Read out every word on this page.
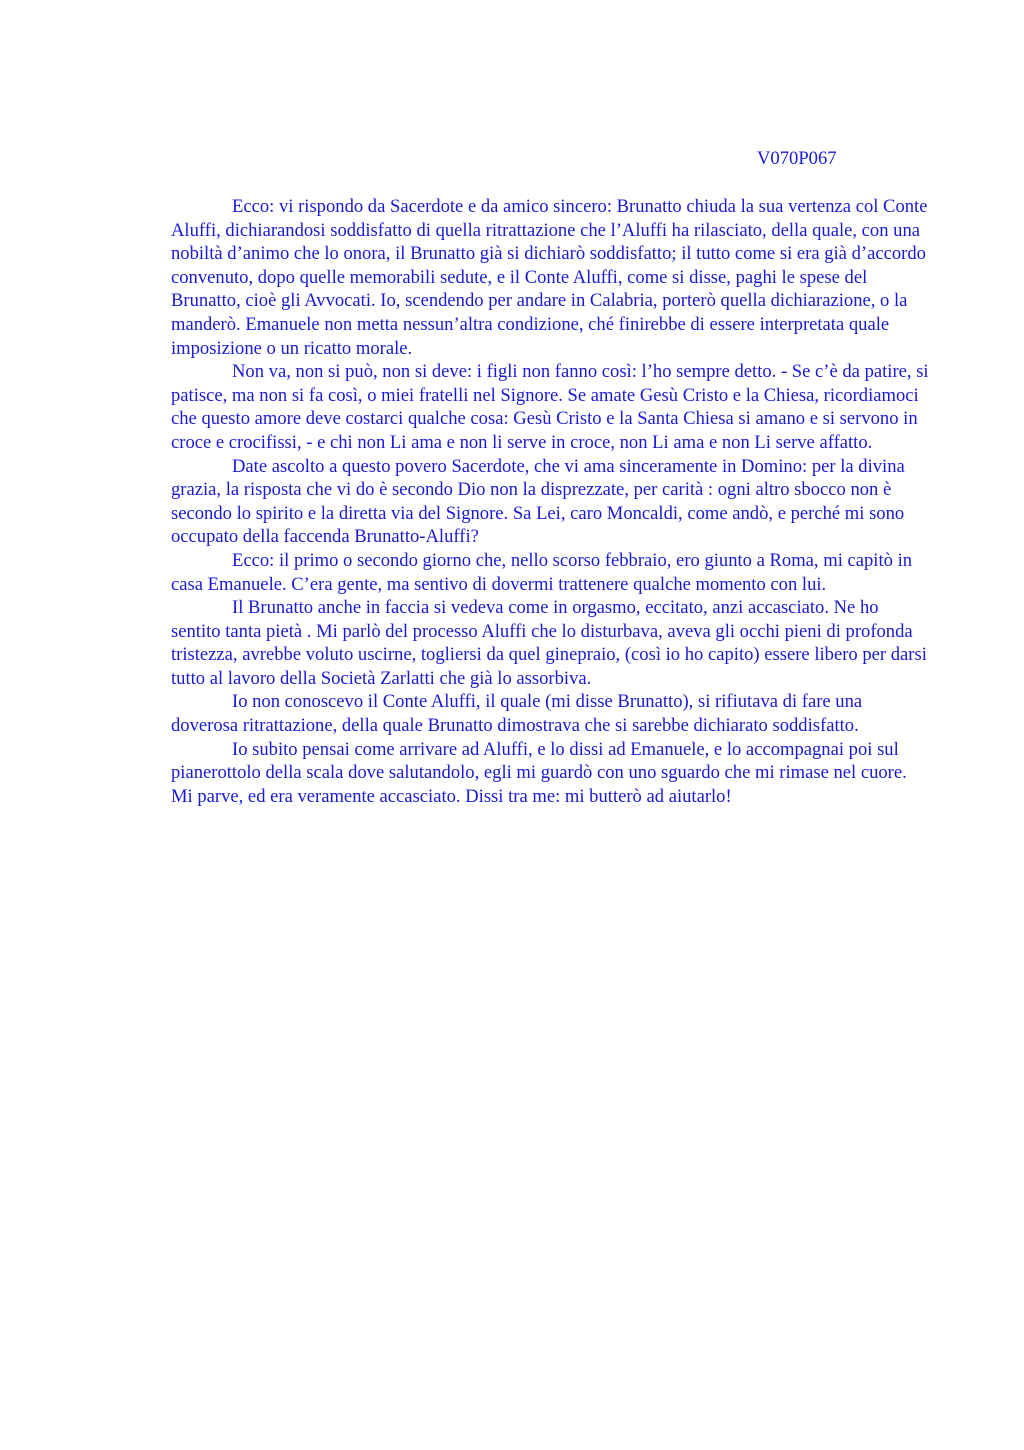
V070P067

Ecco: vi rispondo da Sacerdote e da amico sincero: Brunatto chiuda la sua vertenza col Conte Aluffi, dichiarandosi soddisfatto di quella ritrattazione che l’Aluffi ha rilasciato, della quale, con una nobiltà d’animo che lo onora, il Brunatto già si dichiarò soddisfatto; il tutto come si era già d’accordo convenuto, dopo quelle memorabili sedute, e il Conte Aluffi, come si disse, paghi le spese del Brunatto, cioè gli Avvocati. Io, scendendo per andare in Calabria, porterò quella dichiarazione, o la manderò. Emanuele non metta nessun’altra condizione, ché finirebbe di essere interpretata quale imposizione o un ricatto morale.

Non va, non si può, non si deve: i figli non fanno così: l’ho sempre detto. - Se c’è da patire, si patisce, ma non si fa così, o miei fratelli nel Signore. Se amate Gesù Cristo e la Chiesa, ricordiamoci che questo amore deve costarci qualche cosa: Gesù Cristo e la Santa Chiesa si amano e si servono in croce e crocifissi, - e chi non Li ama e non li serve in croce, non Li ama e non Li serve affatto.

Date ascolto a questo povero Sacerdote, che vi ama sinceramente in Domino: per la divina grazia, la risposta che vi do è secondo Dio non la disprezzate, per carità : ogni altro sbocco non è secondo lo spirito e la diretta via del Signore. Sa Lei, caro Moncaldi, come andò, e perché mi sono occupato della faccenda Brunatto-Aluffi?

Ecco: il primo o secondo giorno che, nello scorso febbraio, ero giunto a Roma, mi capitò in casa Emanuele. C’era gente, ma sentivo di dovermi trattenere qualche momento con lui.

Il Brunatto anche in faccia si vedeva come in orgasmo, eccitato, anzi accasciato. Ne ho sentito tanta pietà . Mi parlò del processo Aluffi che lo disturbava, aveva gli occhi pieni di profonda tristezza, avrebbe voluto uscirne, togliersi da quel ginepraio, (così io ho capito) essere libero per darsi tutto al lavoro della Società Zarlatti che già lo assorbiva.

Io non conoscevo il Conte Aluffi, il quale (mi disse Brunatto), si rifiutava di fare una doverosa ritrattazione, della quale Brunatto dimostrava che si sarebbe dichiarato soddisfatto.

Io subito pensai come arrivare ad Aluffi, e lo dissi ad Emanuele, e lo accompagnai poi sul pianerottolo della scala dove salutandolo, egli mi guardò con uno sguardo che mi rimase nel cuore. Mi parve, ed era veramente accasciato. Dissi tra me: mi butterò ad aiutarlo!
